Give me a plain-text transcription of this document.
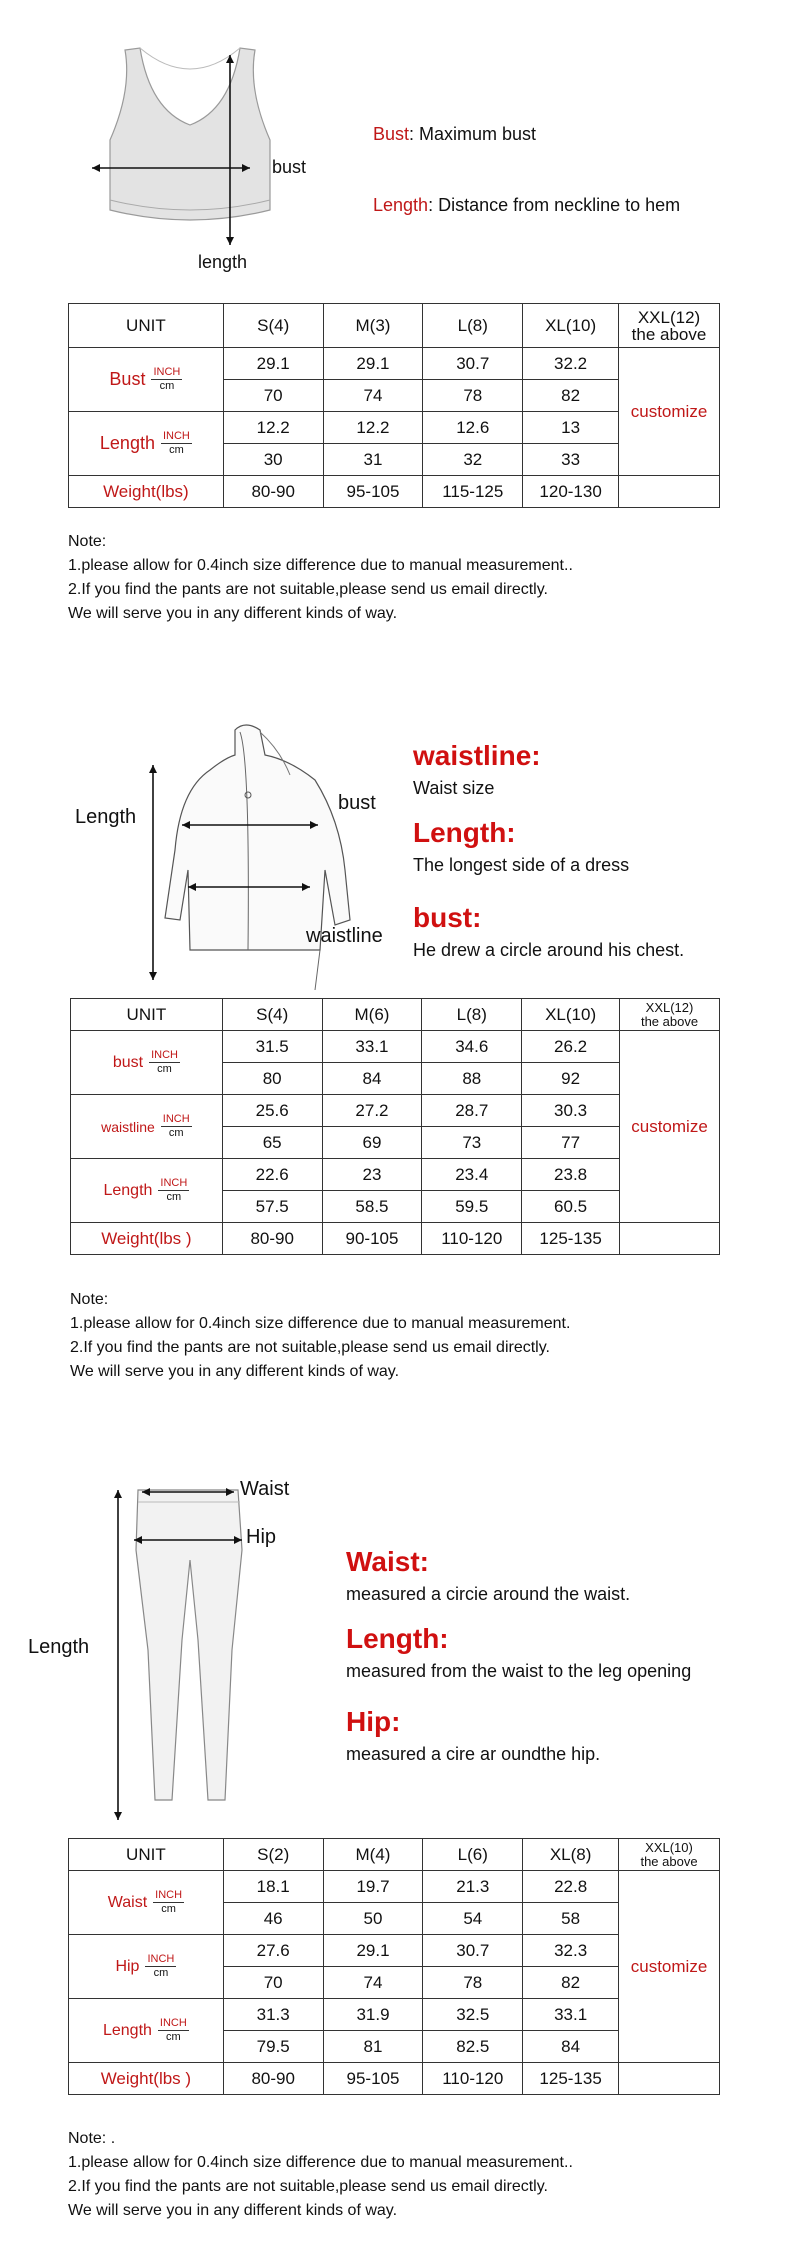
bust
length

Bust: Maximum bust

Length: Distance from neckline to hem

UNIT	S(4)	M(3)	L(8)	XL(10)	XXL(12)
the above

Bust $\frac{\text{INCH}}{cm}$	29.1	29.1	30.7	32.2	customize
	70	74	78	82	
Length $\frac{\text{INCH}}{cm}$	12.2	12.2	12.6	13	
	30	31	32	33	
Weight(lbs)	80-90	95-105	115-125	120-130	
Note:
1.please allow for 0.4inch size difference due to manual measurement..
2.If you find the pants are not suitable,please send us email directly.
We will serve you in any different kinds of way.
Length
bust
waistline
waistline:
Waist size
Length:
The longest side of a dress
bust:
He drew a circle around his chest.
UNIT	S(4)	M(6)	L(8)	XL(10)	XXL(12)
the above

bust $\frac{\text{INCH}}{cm}$	31.5	33.1	34.6	26.2	customize
	80	84	88	92	
waistline $\frac{\text{INCH}}{cm}$	25.6	27.2	28.7	30.3	
	65	69	73	77	
Length $\frac{\text{INCH}}{cm}$	22.6	23	23.4	23.8	
	57.5	58.5	59.5	60.5	
Weight(lbs )	80-90	90-105	110-120	125-135	
Note:
1.please allow for 0.4inch size difference due to manual measurement.
2.If you find the pants are not suitable,please send us email directly.
We will serve you in any different kinds of way.
Waist
Hip
Length
Waist:
measured a circie around the waist.
Length:
measured from the waist to the leg opening
Hip:
measured a cire ar oundthe hip.
UNIT	S(2)	M(4)	L(6)	XL(8)	XXL(10)
the above

Waist $\frac{\text{INCH}}{cm}$	18.1	19.7	21.3	22.8	customize
	46	50	54	58	
Hip $\frac{\text{INCH}}{cm}$	27.6	29.1	30.7	32.3	
	70	74	78	82	
Length $\frac{\text{INCH}}{cm}$	31.3	31.9	32.5	33.1	
	79.5	81	82.5	84	
Weight(lbs )	80-90	95-105	110-120	125-135	
Note: .
1.please allow for 0.4inch size difference due to manual measurement..
2.If you find the pants are not suitable,please send us email directly.
We will serve you in any different kinds of way.
